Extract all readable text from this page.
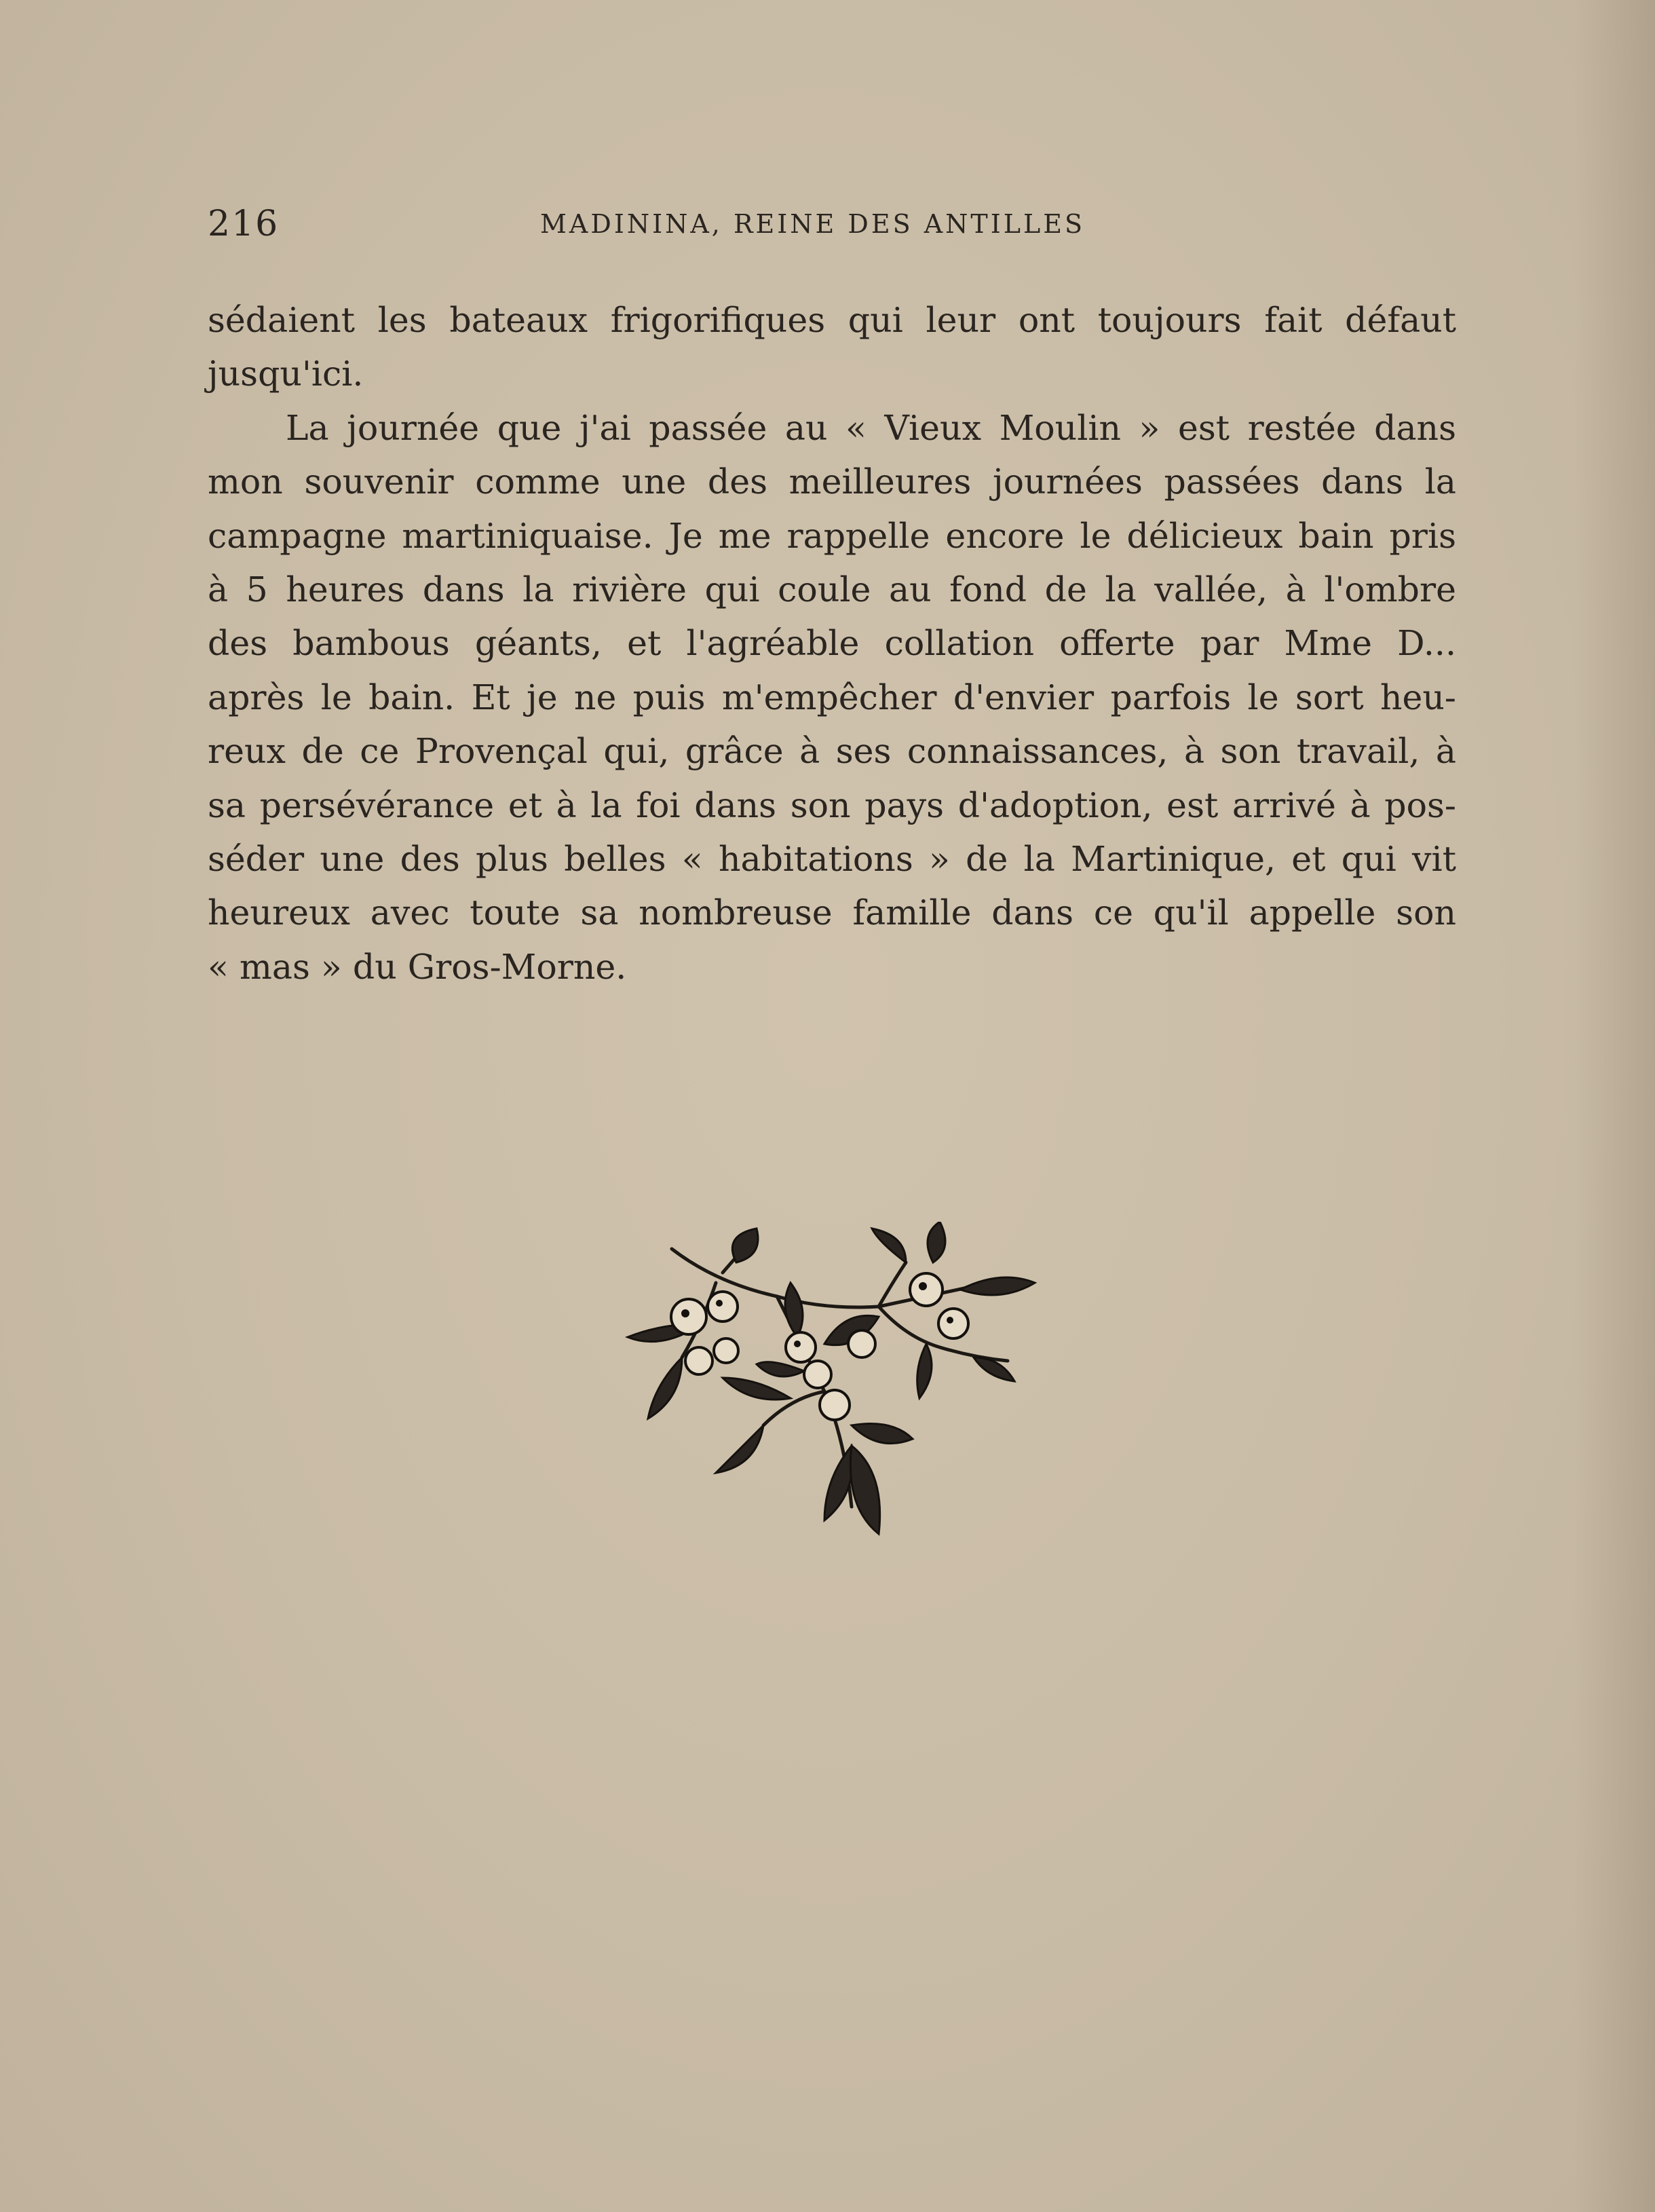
216	MADININA, REINE DES ANTILLES
sédaient les bateaux frigorifiques qui leur ont toujours fait défaut
jusqu'ici.
La journée que j'ai passée au « Vieux Moulin » est restée dans
mon souvenir comme une des meilleures journées passées dans la
campagne martiniquaise. Je me rappelle encore le délicieux bain pris
à 5 heures dans la rivière qui coule au fond de la vallée, à l'ombre
des bambous géants, et l'agréable collation offerte par Mme D...
après le bain. Et je ne puis m'empêcher d'envier parfois le sort heu-
reux de ce Provençal qui, grâce à ses connaissances, à son travail, à
sa persévérance et à la foi dans son pays d'adoption, est arrivé à pos-
séder une des plus belles « habitations » de la Martinique, et qui vit
heureux avec toute sa nombreuse famille dans ce qu'il appelle son
« mas » du Gros-Morne.
